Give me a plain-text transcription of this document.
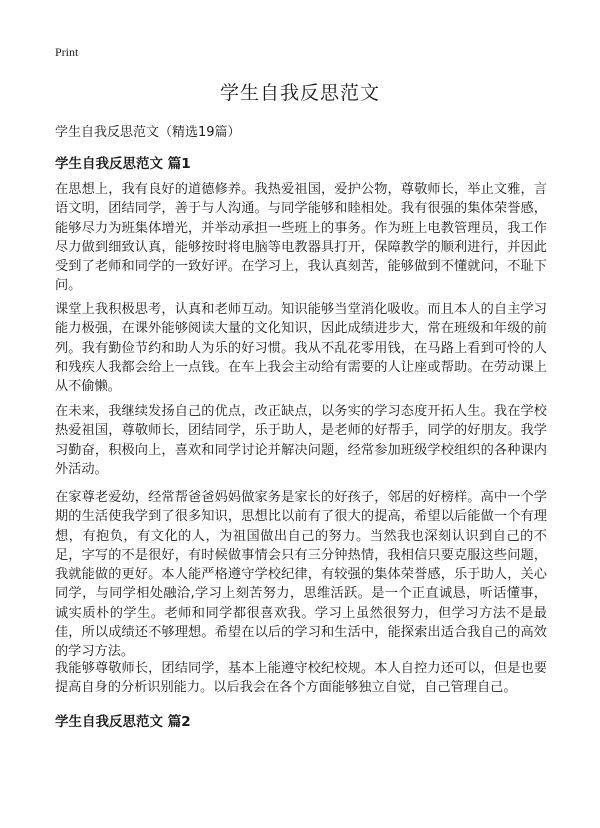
Print
学生自我反思范文
学生自我反思范文（精选19篇）
学生自我反思范文 篇1
在思想上，我有良好的道德修养。我热爱祖国，爱护公物，尊敬师长，举止文雅，言语文明，团结同学，善于与人沟通。与同学能够和睦相处。我有很强的集体荣誉感，能够尽力为班集体增光，并举动承担一些班上的事务。作为班上电教管理员，我工作尽力做到细致认真，能够按时将电脑等电教器具打开，保障教学的顺利进行，并因此受到了老师和同学的一致好评。在学习上，我认真刻苦，能够做到不懂就问，不耻下问。
课堂上我积极思考，认真和老师互动。知识能够当堂消化吸收。而且本人的自主学习能力极强，在课外能够阅读大量的文化知识，因此成绩进步大，常在班级和年级的前列。我有勤俭节约和助人为乐的好习惯。我从不乱花零用钱，在马路上看到可怜的人和残疾人我都会给上一点钱。在车上我会主动给有需要的人让座或帮助。在劳动课上从不偷懒。
在未来，我继续发扬自己的优点，改正缺点，以务实的学习态度开拓人生。我在学校热爱祖国，尊敬师长，团结同学，乐于助人，是老师的好帮手，同学的好朋友。我学习勤奋，积极向上，喜欢和同学讨论并解决问题，经常参加班级学校组织的各种课内外活动。
在家尊老爱幼，经常帮爸爸妈妈做家务是家长的好孩子，邻居的好榜样。高中一个学期的生活使我学到了很多知识，思想比以前有了很大的提高，希望以后能做一个有理想，有抱负，有文化的人，为祖国做出自己的努力。当然我也深刻认识到自己的不足，字写的不是很好，有时候做事情会只有三分钟热情，我相信只要克服这些问题，我就能做的更好。本人能严格遵守学校纪律，有较强的集体荣誉感，乐于助人，关心同学，与同学相处融洽,学习上刻苦努力，思维活跃。是一个正直诚恳，听话懂事，诚实质朴的学生。老师和同学都很喜欢我。学习上虽然很努力，但学习方法不是最佳，所以成绩还不够理想。希望在以后的学习和生活中，能探索出适合我自己的高效的学习方法。
我能够尊敬师长，团结同学，基本上能遵守校纪校规。本人自控力还可以，但是也要提高自身的分析识别能力。以后我会在各个方面能够独立自觉，自己管理自己。
学生自我反思范文 篇2
